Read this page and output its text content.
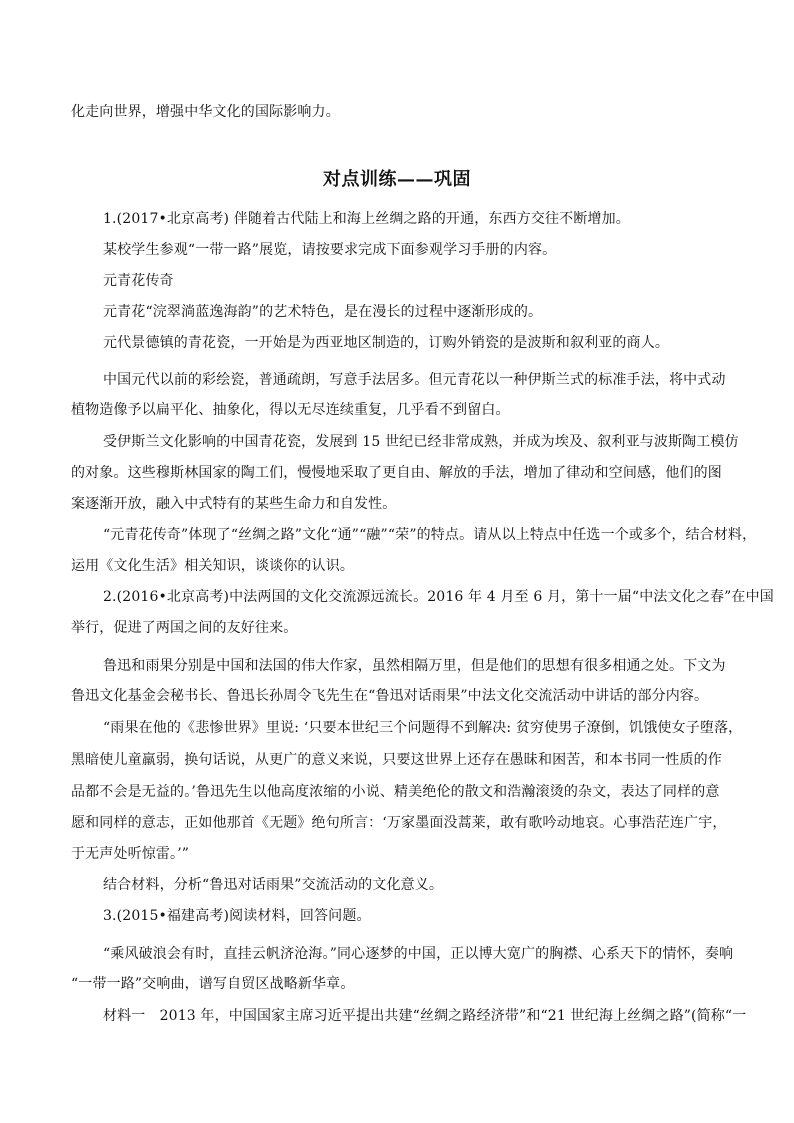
化走向世界，增强中华文化的国际影响力。

对点训练——巩固

1.(2017•北京高考) 伴随着古代陆上和海上丝绸之路的开通，东西方交往不断增加。

某校学生参观“一带一路”展览，请按要求完成下面参观学习手册的内容。

元青花传奇

元青花“浣翠淌蓝逸海韵”的艺术特色，是在漫长的过程中逐渐形成的。

元代景德镇的青花瓷，一开始是为西亚地区制造的，订购外销瓷的是波斯和叙利亚的商人。

中国元代以前的彩绘瓷，普通疏朗，写意手法居多。但元青花以一种伊斯兰式的标准手法，将中式动

植物造像予以扁平化、抽象化，得以无尽连续重复，几乎看不到留白。

受伊斯兰文化影响的中国青花瓷，发展到 15 世纪已经非常成熟，并成为埃及、叙利亚与波斯陶工模仿

的对象。这些穆斯林国家的陶工们，慢慢地采取了更自由、解放的手法，增加了律动和空间感，他们的图

案逐渐开放，融入中式特有的某些生命力和自发性。

“元青花传奇”体现了“丝绸之路”文化“通”“融”“荣”的特点。请从以上特点中任选一个或多个，结合材料，

运用《文化生活》相关知识，谈谈你的认识。

2.(2016•北京高考)中法两国的文化交流源远流长。2016 年 4 月至 6 月，第十一届“中法文化之春”在中国

举行，促进了两国之间的友好往来。

鲁迅和雨果分别是中国和法国的伟大作家，虽然相隔万里，但是他们的思想有很多相通之处。下文为

鲁迅文化基金会秘书长、鲁迅长孙周令飞先生在“鲁迅对话雨果”中法文化交流活动中讲话的部分内容。

“雨果在他的《悲惨世界》里说: ‘只要本世纪三个问题得不到解决: 贫穷使男子潦倒，饥饿使女子堕落，

黑暗使儿童羸弱，换句话说，从更广的意义来说，只要这世界上还存在愚昧和困苦，和本书同一性质的作

品都不会是无益的。’鲁迅先生以他高度浓缩的小说、精美绝伦的散文和浩瀚滚烫的杂文，表达了同样的意

愿和同样的意志，正如他那首《无题》绝句所言：‘万家墨面没蒿莱，敢有歌吟动地哀。心事浩茫连广宇，

于无声处听惊雷。’”

结合材料，分析“鲁迅对话雨果”交流活动的文化意义。

3.(2015•福建高考)阅读材料，回答问题。

“乘风破浪会有时，直挂云帆济沧海。”同心逐梦的中国，正以博大宽广的胸襟、心系天下的情怀，奏响

“一带一路”交响曲，谱写自贸区战略新华章。

材料一　2013 年，中国国家主席习近平提出共建“丝绸之路经济带”和“21 世纪海上丝绸之路”(简称“一
